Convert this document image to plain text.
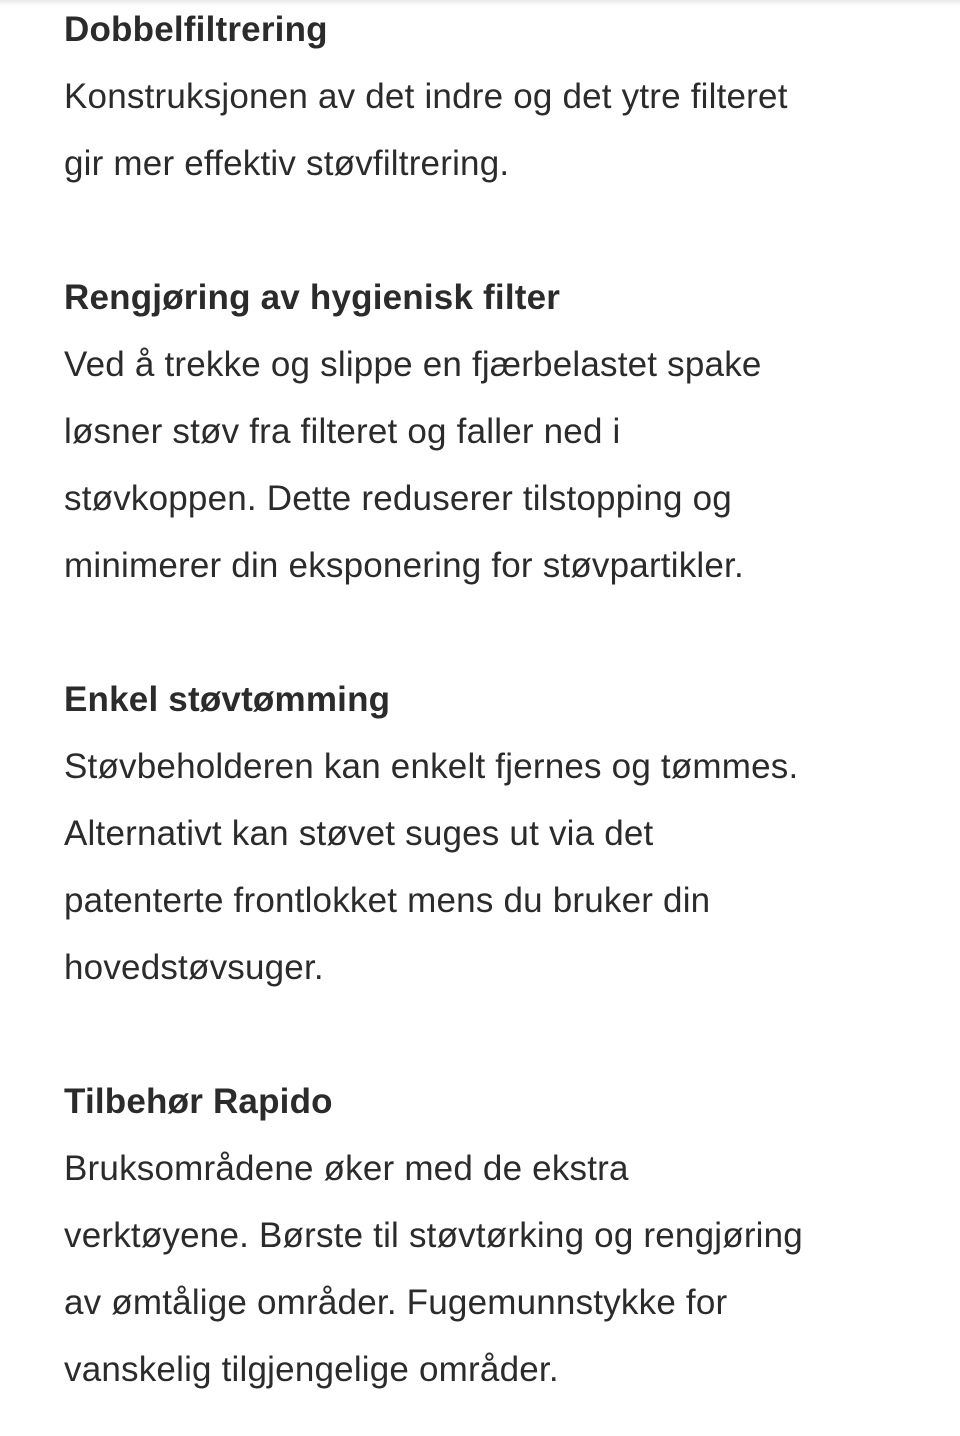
Dobbelfiltrering
Konstruksjonen av det indre og det ytre filteret
gir mer effektiv støvfiltrering.
Rengjøring av hygienisk filter
Ved å trekke og slippe en fjærbelastet spake
løsner støv fra filteret og faller ned i
støvkoppen. Dette reduserer tilstopping og
minimerer din eksponering for støvpartikler.
Enkel støvtømming
Støvbeholderen kan enkelt fjernes og tømmes.
Alternativt kan støvet suges ut via det
patenterte frontlokket mens du bruker din
hovedstøvsuger.
Tilbehør Rapido
Bruksområdene øker med de ekstra
verktøyene. Børste til støvtørking og rengjøring
av ømtålige områder. Fugemunnstykke for
vanskelig tilgjengelige områder.
